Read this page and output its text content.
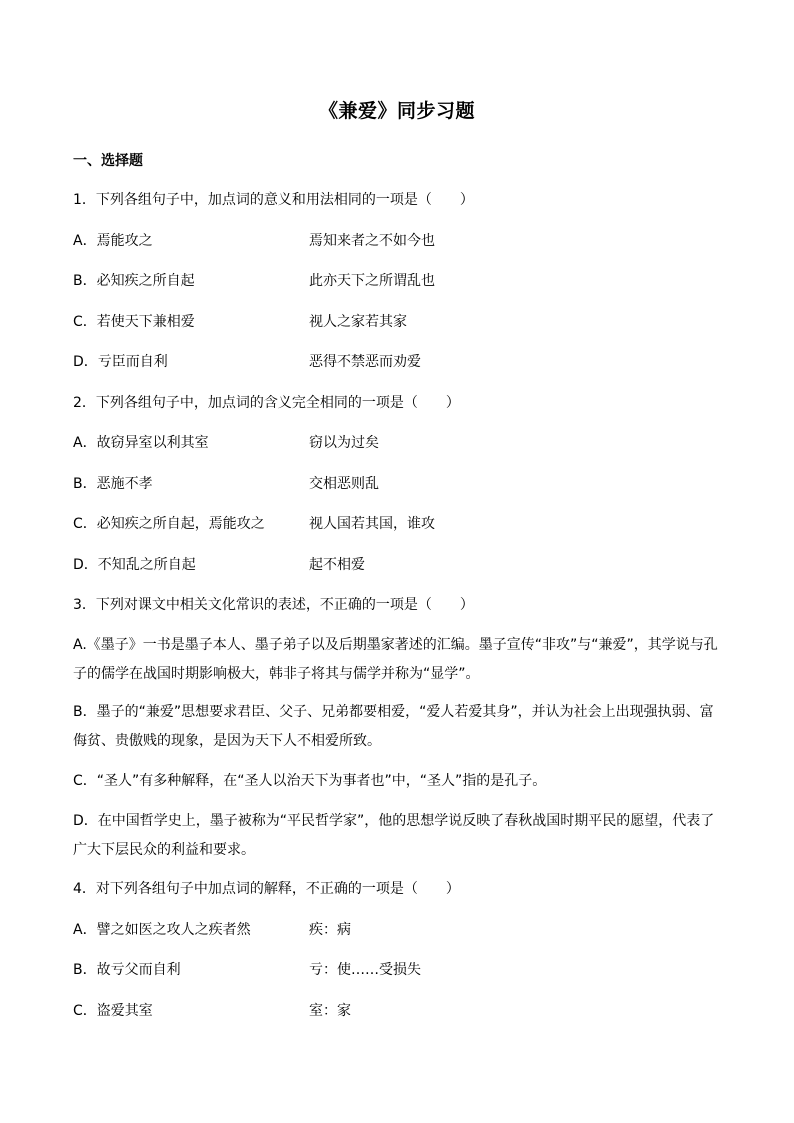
《兼爱》同步习题
一、选择题
1．下列各组句子中，加点词的意义和用法相同的一项是（　　）
A．焉能攻之	焉知来者之不如今也
B．必知疾之所自起	此亦天下之所谓乱也
C．若使天下兼相爱	视人之家若其家
D．亏臣而自利	恶得不禁恶而劝爱
2．下列各组句子中，加点词的含义完全相同的一项是（　　）
A．故窃异室以利其室	窃以为过矣
B．恶施不孝	交相恶则乱
C．必知疾之所自起，焉能攻之	视人国若其国，谁攻
D．不知乱之所自起	起不相爱
3．下列对课文中相关文化常识的表述，不正确的一项是（　　）
A.《墨子》一书是墨子本人、墨子弟子以及后期墨家著述的汇编。墨子宣传“非攻”与“兼爱”，其学说与孔子的儒学在战国时期影响极大，韩非子将其与儒学并称为“显学”。
B．墨子的“兼爱”思想要求君臣、父子、兄弟都要相爱，“爱人若爱其身”，并认为社会上出现强执弱、富侮贫、贵傲贱的现象，是因为天下人不相爱所致。
C．“圣人”有多种解释，在“圣人以治天下为事者也”中，“圣人”指的是孔子。
D．在中国哲学史上，墨子被称为“平民哲学家”，他的思想学说反映了春秋战国时期平民的愿望，代表了广大下层民众的利益和要求。
4．对下列各组句子中加点词的解释，不正确的一项是（　　）
A．譬之如医之攻人之疾者然	疾：病
B．故亏父而自利	亏：使……受损失
C．盗爱其室	室：家
